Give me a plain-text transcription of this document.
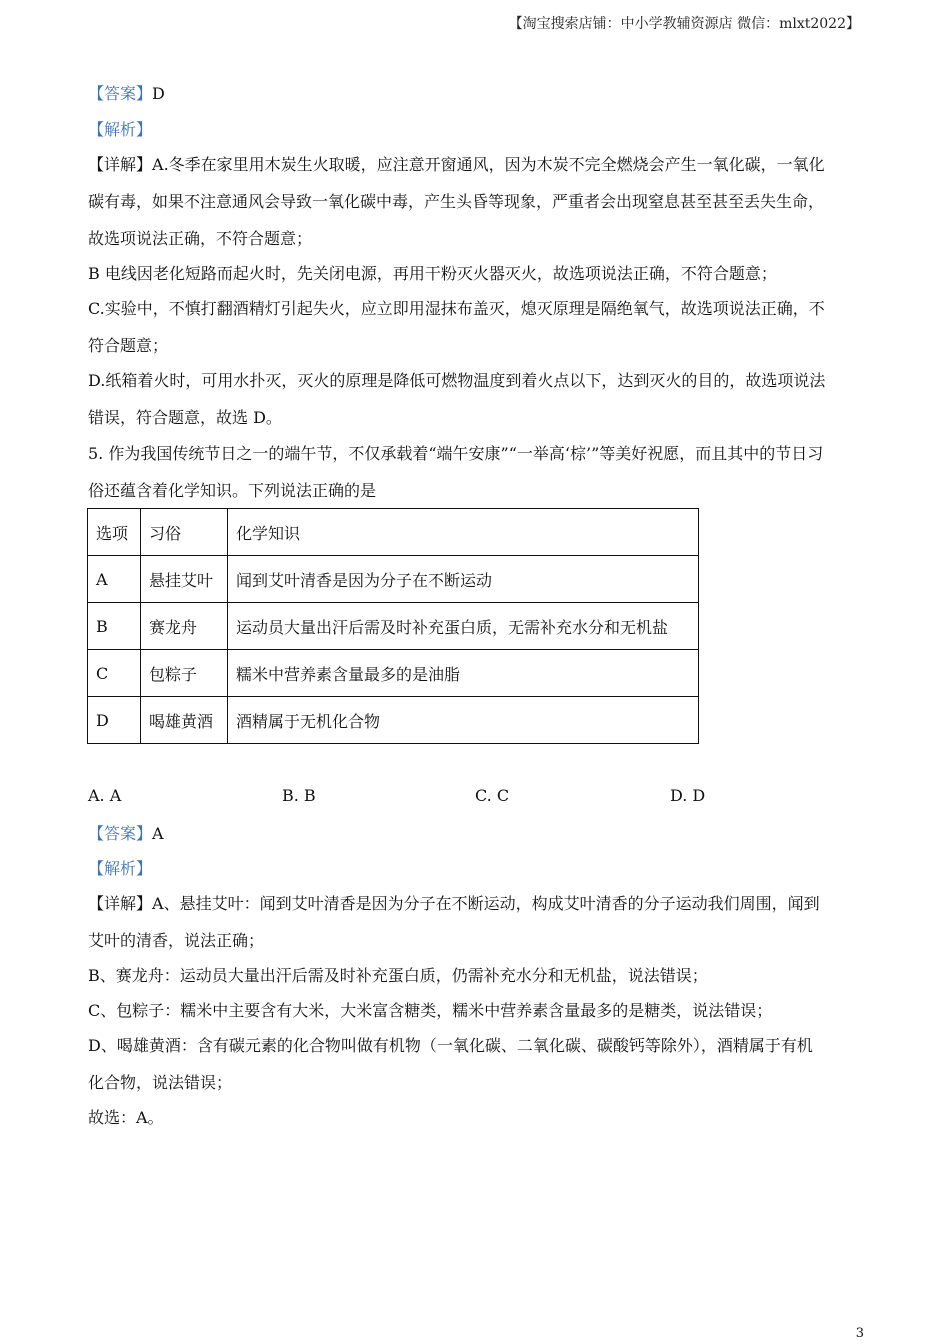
【淘宝搜索店铺：中小学教辅资源店 微信：mlxt2022】
【答案】D
【解析】
【详解】A.冬季在家里用木炭生火取暖，应注意开窗通风，因为木炭不完全燃烧会产生一氧化碳，一氧化
碳有毒，如果不注意通风会导致一氧化碳中毒，产生头昏等现象，严重者会出现窒息甚至甚至丢失生命，
故选项说法正确，不符合题意；
B 电线因老化短路而起火时，先关闭电源，再用干粉灭火器灭火，故选项说法正确，不符合题意；
C.实验中，不慎打翻酒精灯引起失火，应立即用湿抹布盖灭，熄灭原理是隔绝氧气，故选项说法正确，不
符合题意；
D.纸箱着火时，可用水扑灭，灭火的原理是降低可燃物温度到着火点以下，达到灭火的目的，故选项说法
错误，符合题意，故选 D。
5. 作为我国传统节日之一的端午节，不仅承载着“端午安康”“一举高‘棕’”等美好祝愿，而且其中的节日习
俗还蕴含着化学知识。下列说法正确的是
选项	习俗	化学知识
A	悬挂艾叶	闻到艾叶清香是因为分子在不断运动
B	赛龙舟	运动员大量出汗后需及时补充蛋白质，无需补充水分和无机盐
C	包粽子	糯米中营养素含量最多的是油脂
D	喝雄黄酒	酒精属于无机化合物
A. A	B. B	C. C	D. D
【答案】A
【解析】
【详解】A、悬挂艾叶：闻到艾叶清香是因为分子在不断运动，构成艾叶清香的分子运动我们周围，闻到
艾叶的清香，说法正确；
B、赛龙舟：运动员大量出汗后需及时补充蛋白质，仍需补充水分和无机盐，说法错误；
C、包粽子：糯米中主要含有大米，大米富含糖类，糯米中营养素含量最多的是糖类，说法错误；
D、喝雄黄酒：含有碳元素的化合物叫做有机物（一氧化碳、二氧化碳、碳酸钙等除外），酒精属于有机
化合物，说法错误；
故选：A。
3
